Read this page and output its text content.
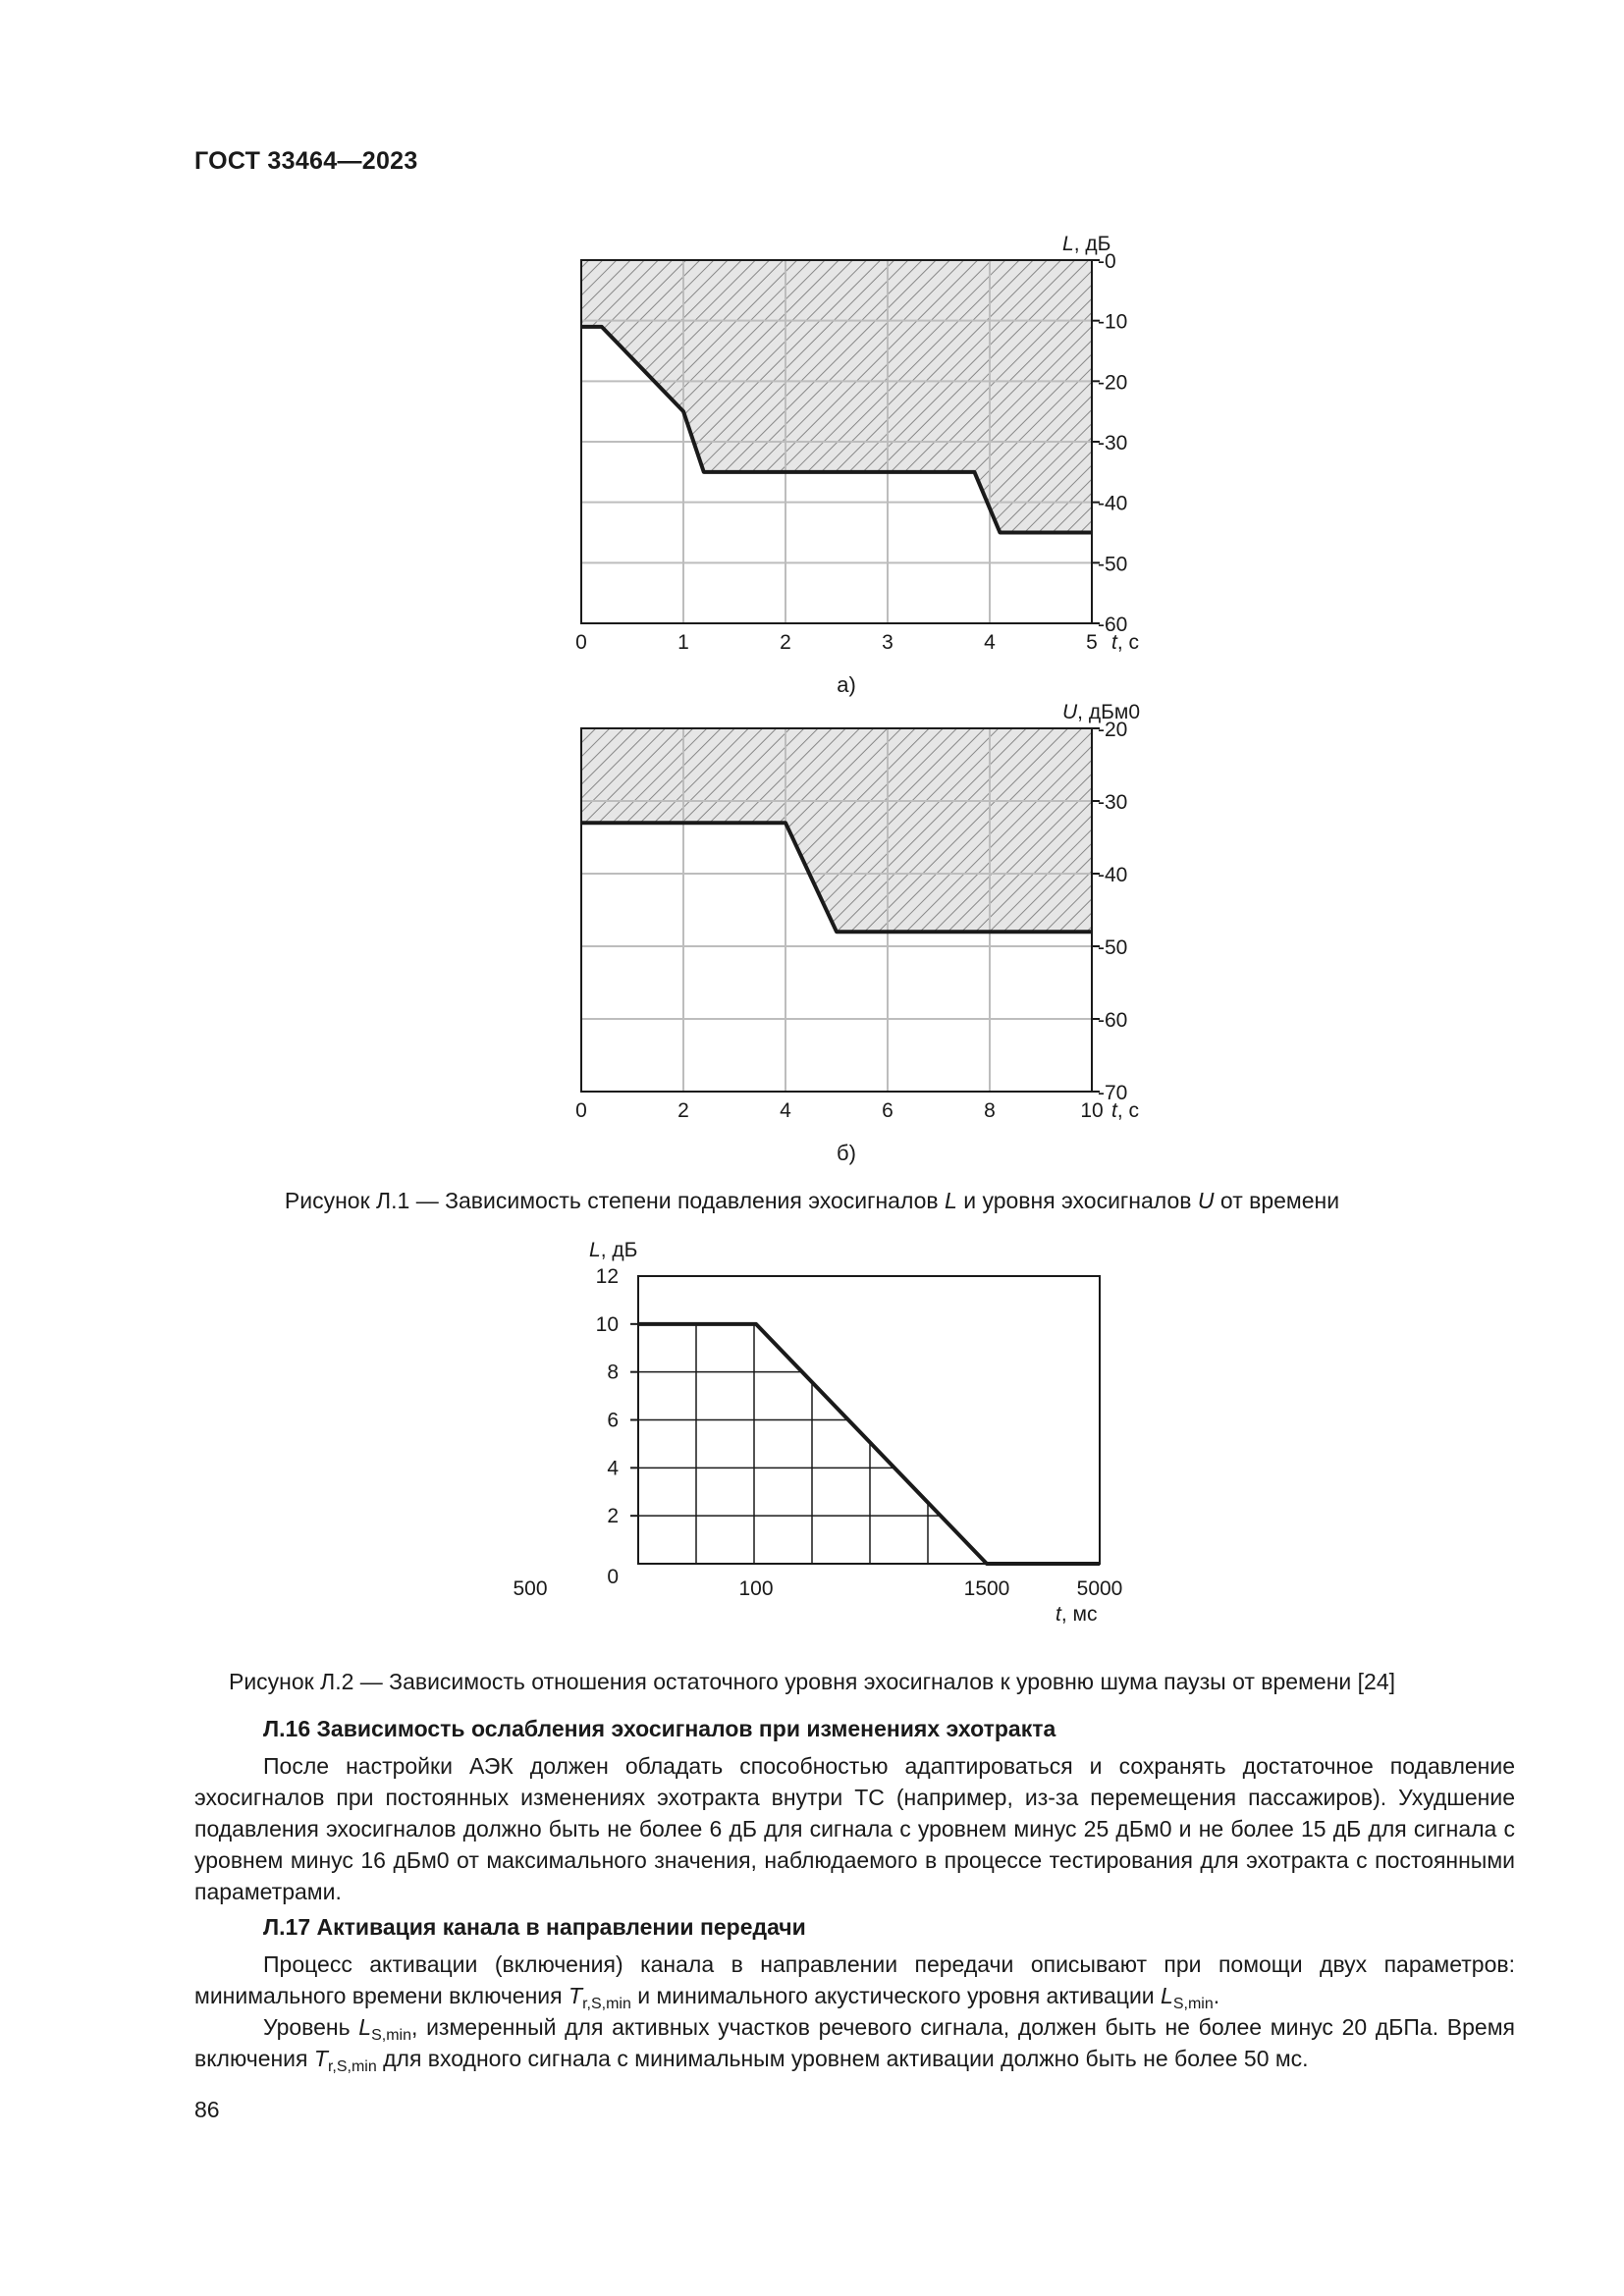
ГОСТ 33464—2023
-0
-10
-20
-30
-40
-50
-60
0	1	2	3	4	5
L, дБ
t, с
а)
-20
-30
-40
-50
-60
-70
0	2	4	6	8	10
U, дБм0
t, с
б)
Рисунок Л.1 — Зависимость степени подавления эхосигналов L и уровня эхосигналов U от времени
0
2
4
6
8
10
12
100
500	1500	5000
L, дБ
t, мс
Рисунок Л.2 — Зависимость отношения остаточного уровня эхосигналов к уровню шума паузы от времени [24]
Л.16 Зависимость ослабления эхосигналов при изменениях эхотракта
После настройки АЭК должен обладать способностью адаптироваться и сохранять достаточное подавление эхосигналов при постоянных изменениях эхотракта внутри ТС (например, из-за перемещения пассажиров). Ухудшение подавления эхосигналов должно быть не более 6 дБ для сигнала с уровнем минус 25 дБм0 и не более 15 дБ для сигнала с уровнем минус 16 дБм0 от максимального значения, наблюдаемого в процессе тестирования для эхотракта с постоянными параметрами.
Л.17 Активация канала в направлении передачи
Процесс активации (включения) канала в направлении передачи описывают при помощи двух параметров: минимального времени включения $T_{r,S,min}$ и минимального акустического уровня активации $L_{S,min}$.
Уровень $L_{S,min}$, измеренный для активных участков речевого сигнала, должен быть не более минус 20 дБПа. Время включения $T_{r,S,min}$ для входного сигнала с минимальным уровнем активации должно быть не более 50 мс.
86
